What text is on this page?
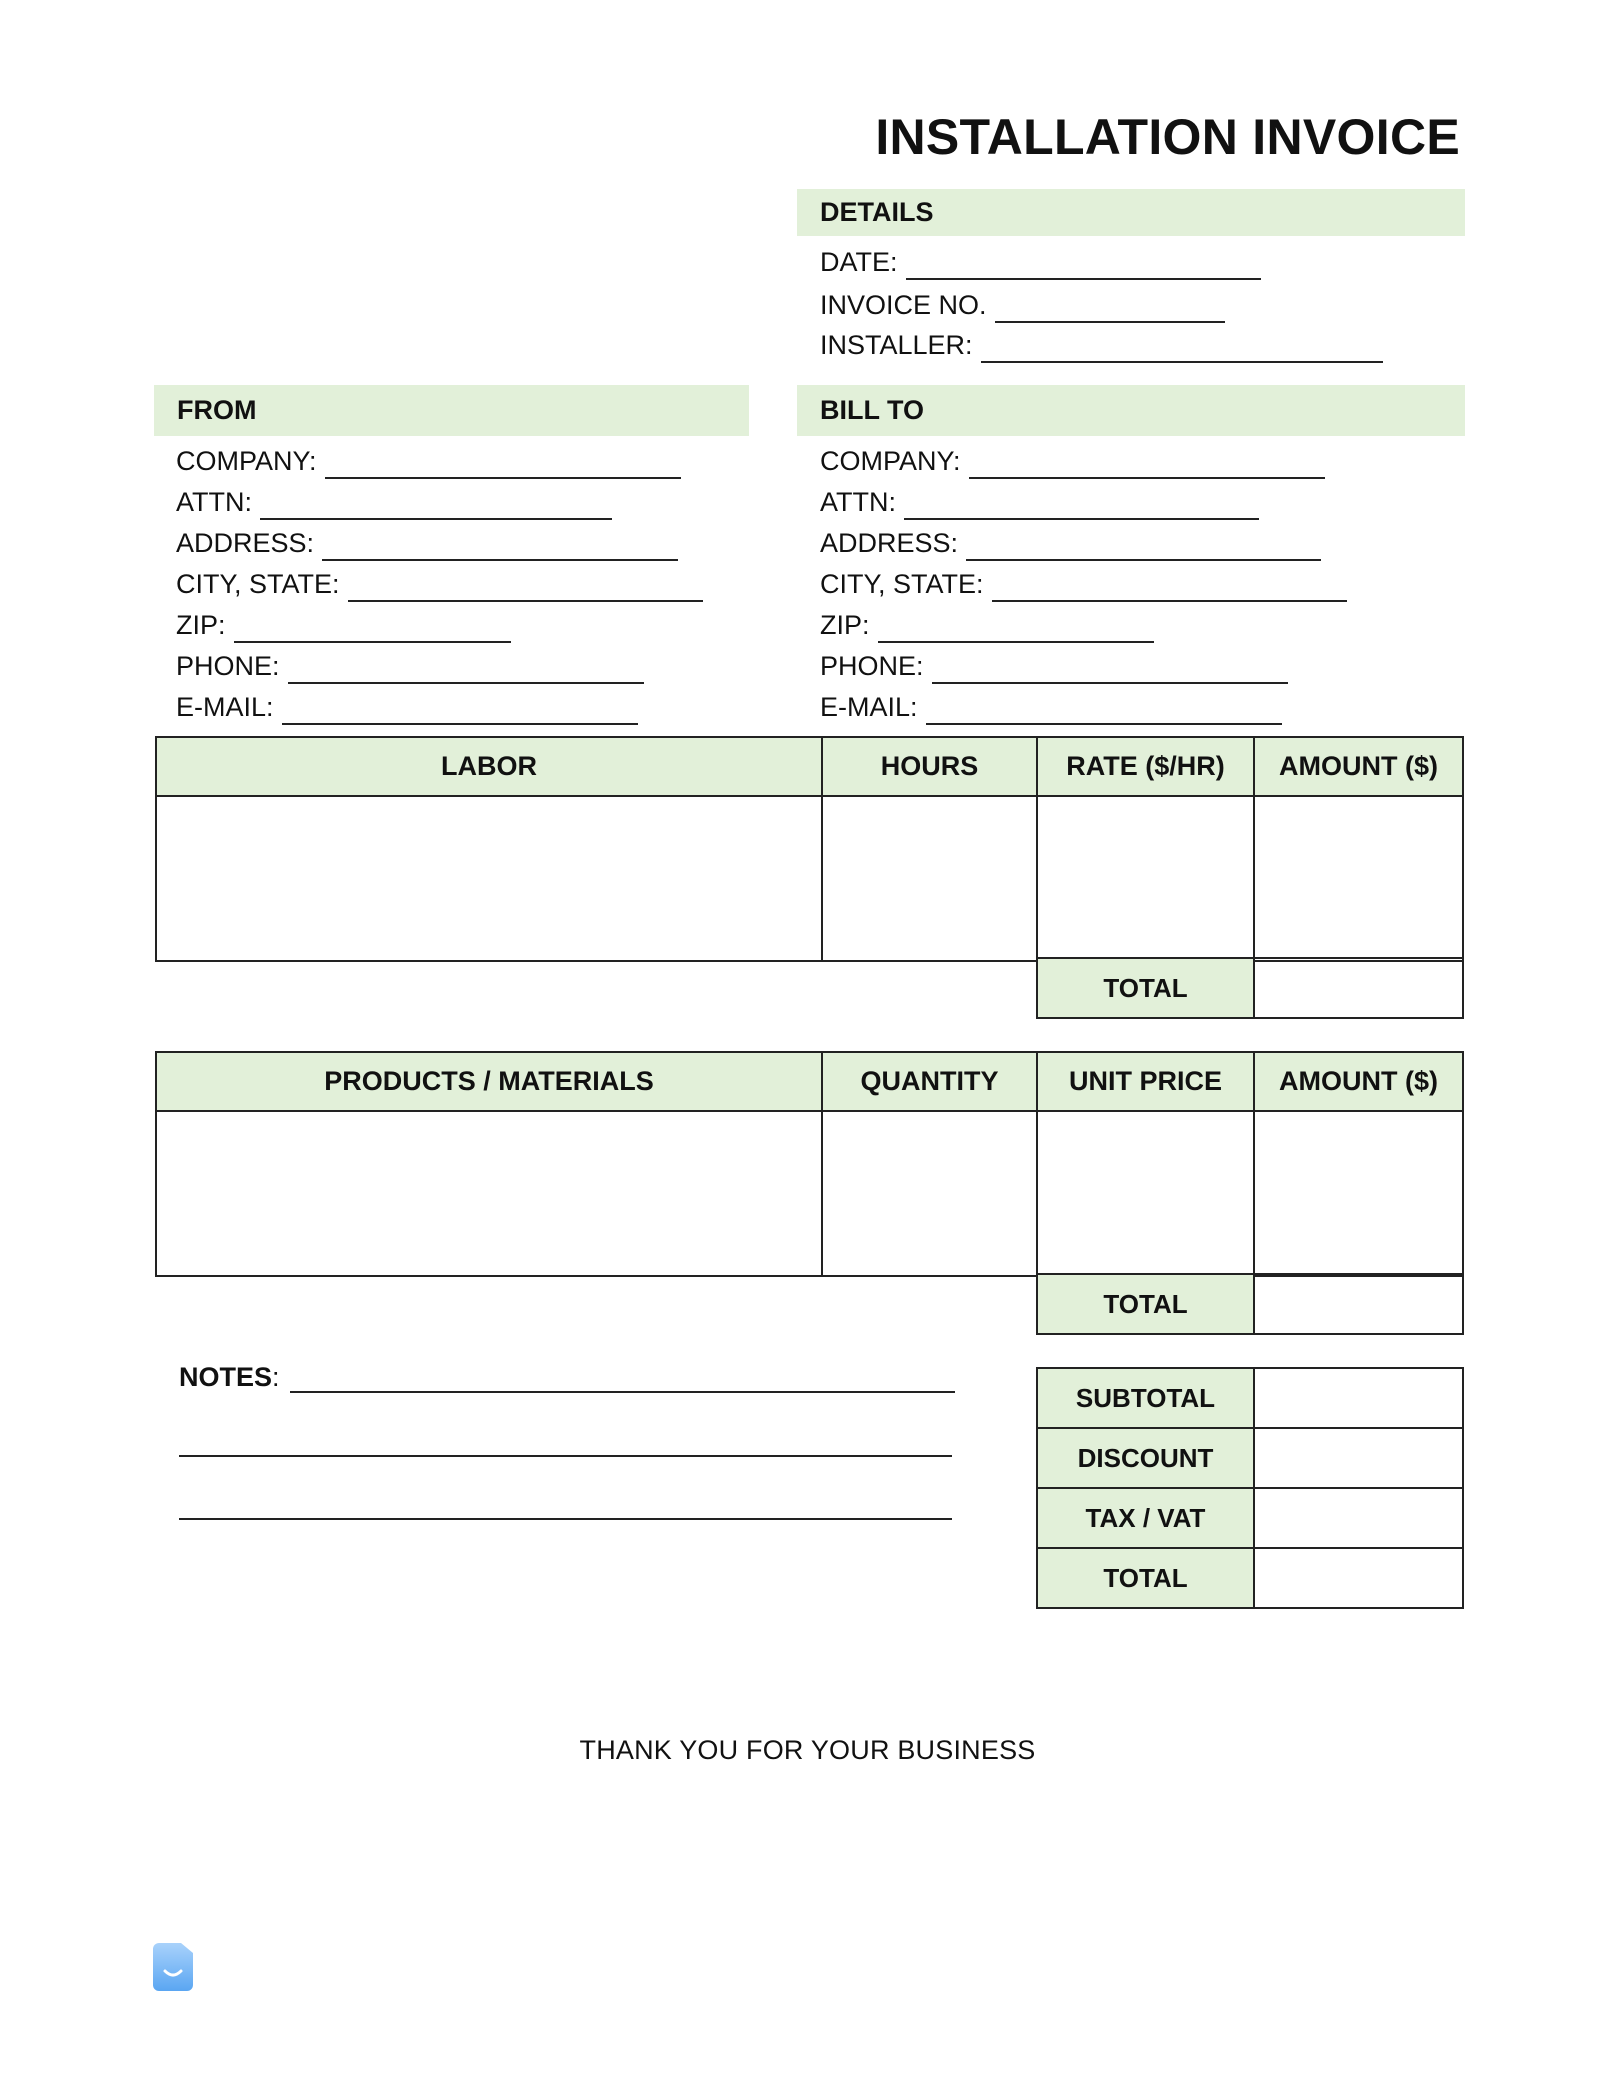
INSTALLATION INVOICE
DETAILS
DATE:
INVOICE NO.
INSTALLER:
FROM
COMPANY:
ATTN:
ADDRESS:
CITY, STATE:
ZIP:
PHONE:
E-MAIL:
BILL TO
COMPANY:
ATTN:
ADDRESS:
CITY, STATE:
ZIP:
PHONE:
E-MAIL:
LABOR	HOURS	RATE ($/HR)	AMOUNT ($)

TOTAL	
PRODUCTS / MATERIALS	QUANTITY	UNIT PRICE	AMOUNT ($)

TOTAL	
NOTES:
SUBTOTAL	
DISCOUNT	
TAX / VAT	
TOTAL	
THANK YOU FOR YOUR BUSINESS
